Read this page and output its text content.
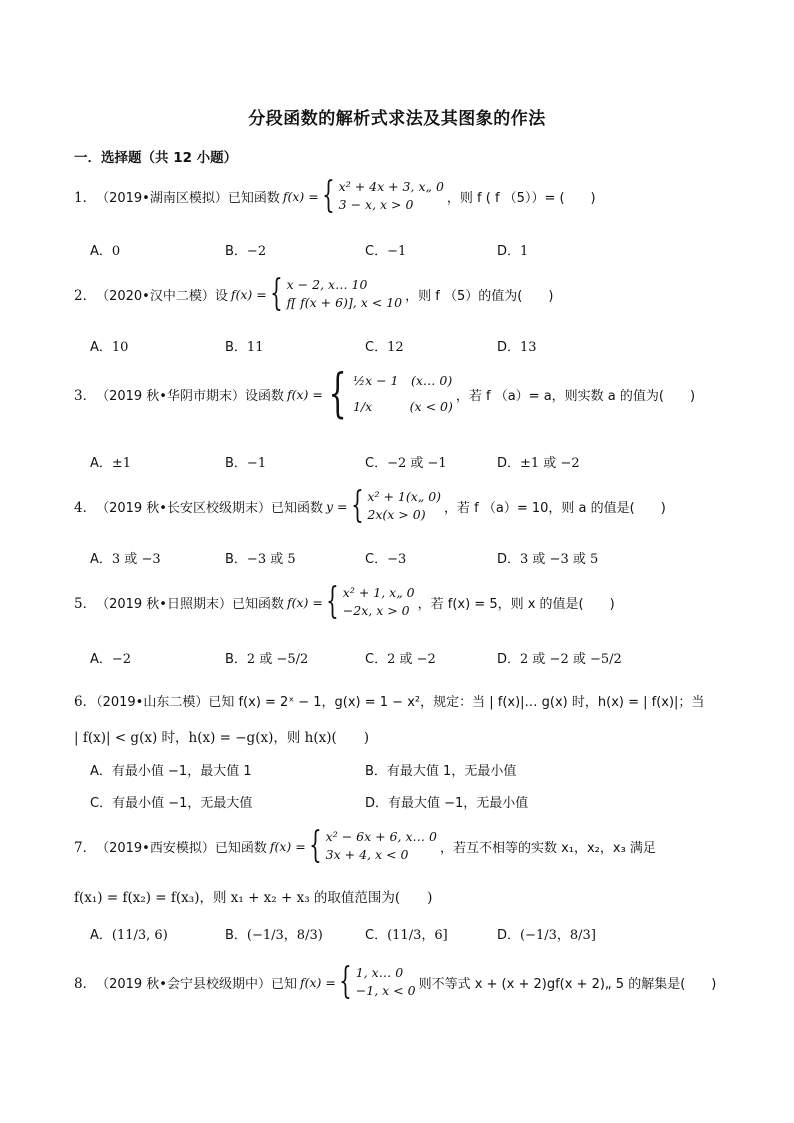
分段函数的解析式求法及其图象的作法
一．选择题（共 12 小题）
1． （2019•湖南区模拟）已知函数 f(x) = { x² + 4x + 3, x„ 0
3 − x, x > 0	，则 f ( f （5））= (　　)
A．0	B．−2	C．−1	D．1
2． （2020•汉中二模）设 f(x) = { x − 2, x… 10
f[ f(x + 6)], x < 10 ，则 f （5）的值为(　　)
A．10	B．11	C．12	D．13
3． （2019 秋•华阴市期末）设函数 f(x) = { ½x − 1　(x… 0)
1/x　　　(x < 0)
，若 f （a）= a，则实数 a 的值为(　　)
A．±1	B．−1	C．−2 或 −1	D．±1 或 −2
4． （2019 秋•长安区校级期末）已知函数 y = { x² + 1(x„ 0)
2x(x > 0)	，若 f （a）= 10，则 a 的值是(　　)
A．3 或 −3	B．−3 或 5	C．−3	D．3 或 −3 或 5
5． （2019 秋•日照期末）已知函数 f(x) = { x² + 1, x„ 0
−2x, x > 0 ，若 f(x) = 5，则 x 的值是(　　)
A．−2	B．2 或 −5/2	C．2 或 −2	D．2 或 −2 或 −5/2
6．（2019•山东二模）已知 f(x) = 2ˣ − 1，g(x) = 1 − x²，规定：当 | f(x)|… g(x) 时，h(x) = | f(x)|；当
| f(x)| < g(x) 时，h(x) = −g(x)，则 h(x)(　　)
A．有最小值 −1，最大值 1	B．有最大值 1，无最小值
C．有最小值 −1，无最大值	D．有最大值 −1，无最小值
7． （2019•西安模拟）已知函数 f(x) = { x² − 6x + 6, x… 0
3x + 4, x < 0	，若互不相等的实数 x₁，x₂，x₃ 满足
f(x₁) = f(x₂) = f(x₃)，则 x₁ + x₂ + x₃ 的取值范围为(　　)
A．(11/3, 6)	B．(−1/3，8/3)	C．(11/3，6]	D．(−1/3，8/3]
8． （2019 秋•会宁县校级期中）已知 f(x) = { 1, x… 0
−1, x < 0 则不等式 x + (x + 2)gf(x + 2)„ 5 的解集是(　　)
